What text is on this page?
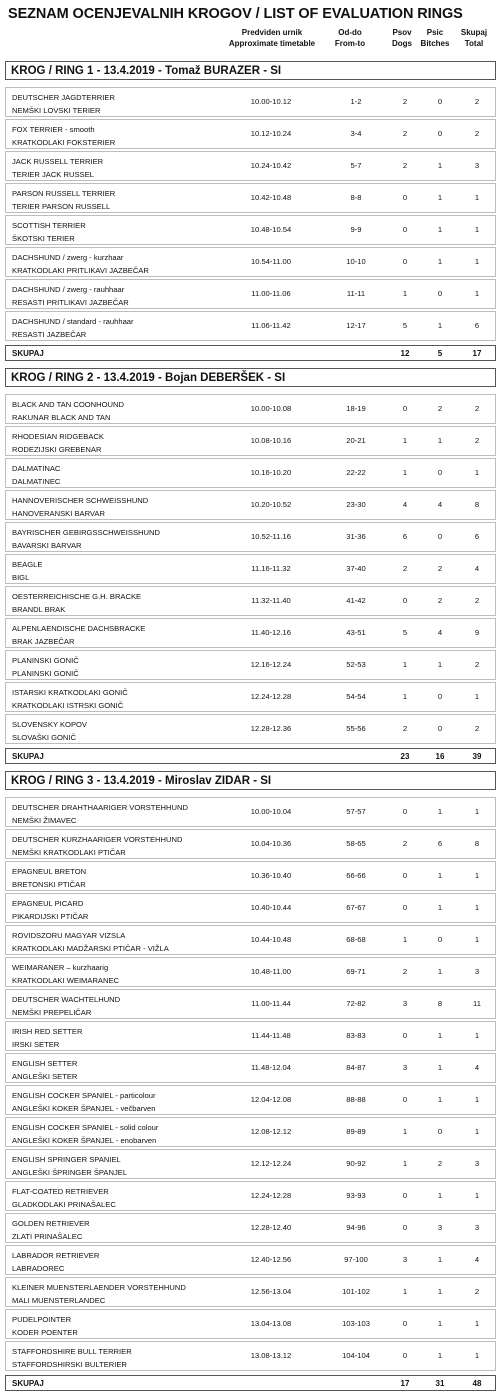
SEZNAM OCENJEVALNIH KROGOV / LIST OF EVALUATION RINGS
Predviden urnik
Approximate timetable
Od-do
From-to
Psov
Dogs
Psic
Bitches
Skupaj
Total
KROG / RING 1 - 13.4.2019 - Tomaž BURAZER - SI
DEUTSCHER JAGDTERRIER
NEMŠKI LOVSKI TERIER
10.00-10.12	1-2	2	0	2
FOX TERRIER - smooth
KRATKODLAKI FOKSTERIER
10.12-10.24	3-4	2	0	2
JACK RUSSELL TERRIER
TERIER JACK RUSSEL
10.24-10.42	5-7	2	1	3
PARSON RUSSELL TERRIER
TERIER PARSON RUSSELL
10.42-10.48	8-8	0	1	1
SCOTTISH TERRIER
ŠKOTSKI TERIER
10.48-10.54	9-9	0	1	1
DACHSHUND / zwerg - kurzhaar
KRATKODLAKI PRITLIKAVI JAZBEČAR
10.54-11.00	10-10	0	1	1
DACHSHUND / zwerg - rauhhaar
RESASTI PRITLIKAVI JAZBEČAR
11.00-11.06	11-11	1	0	1
DACHSHUND / standard - rauhhaar
RESASTI JAZBEČAR
11.06-11.42	12-17	5	1	6
SKUPAJ	12	5	17
KROG / RING 2 - 13.4.2019 - Bojan DEBERŠEK - SI
BLACK AND TAN COONHOUND
RAKUNAR BLACK AND TAN
10.00-10.08	18-19	0	2	2
RHODESIAN RIDGEBACK
RODEZIJSKI GREBENAR
10.08-10.16	20-21	1	1	2
DALMATINAC
DALMATINEC
10.16-10.20	22-22	1	0	1
HANNOVERISCHER SCHWEISSHUND
HANOVERANSKI BARVAR
10.20-10.52	23-30	4	4	8
BAYRISCHER GEBIRGSSCHWEISSHUND
BAVARSKI BARVAR
10.52-11.16	31-36	6	0	6
BEAGLE
BIGL
11.16-11.32	37-40	2	2	4
OESTERREICHISCHE G.H. BRACKE
BRANDL BRAK
11.32-11.40	41-42	0	2	2
ALPENLAENDISCHE DACHSBRACKE
BRAK JAZBEČAR
11.40-12.16	43-51	5	4	9
PLANINSKI GONIČ
PLANINSKI GONIČ
12.16-12.24	52-53	1	1	2
ISTARSKI KRATKODLAKI GONIČ
KRATKODLAKI ISTRSKI GONIČ
12.24-12.28	54-54	1	0	1
SLOVENSKY KOPOV
SLOVAŠKI GONIČ
12.28-12.36	55-56	2	0	2
SKUPAJ	23	16	39
KROG / RING 3 - 13.4.2019 - Miroslav ZIDAR - SI
DEUTSCHER DRAHTHAARIGER VORSTEHHUND
NEMŠKI ŽIMAVEC
10.00-10.04	57-57	0	1	1
DEUTSCHER KURZHAARIGER VORSTEHHUND
NEMŠKI KRATKODLAKI PTIČAR
10.04-10.36	58-65	2	6	8
EPAGNEUL BRETON
BRETONSKI PTIČAR
10.36-10.40	66-66	0	1	1
EPAGNEUL PICARD
PIKARDIJSKI PTIČAR
10.40-10.44	67-67	0	1	1
ROVIDSZORU MAGYAR VIZSLA
KRATKODLAKI MADŽARSKI PTIČAR - VIŽLA
10.44-10.48	68-68	1	0	1
WEIMARANER – kurzhaarig
KRATKODLAKI WEIMARANEC
10.48-11.00	69-71	2	1	3
DEUTSCHER WACHTELHUND
NEMŠKI PREPELIČAR
11.00-11.44	72-82	3	8	11
IRISH RED SETTER
IRSKI SETER
11.44-11.48	83-83	0	1	1
ENGLISH SETTER
ANGLEŠKI SETER
11.48-12.04	84-87	3	1	4
ENGLISH COCKER SPANIEL - particolour
ANGLEŠKI KOKER ŠPANJEL - večbarven
12.04-12.08	88-88	0	1	1
ENGLISH COCKER SPANIEL - solid colour
ANGLEŠKI KOKER ŠPANJEL - enobarven
12.08-12.12	89-89	1	0	1
ENGLISH SPRINGER SPANIEL
ANGLEŠKI ŠPRINGER ŠPANJEL
12.12-12.24	90-92	1	2	3
FLAT-COATED RETRIEVER
GLADKODLAKI PRINAŠALEC
12.24-12.28	93-93	0	1	1
GOLDEN RETRIEVER
ZLATI PRINAŠALEC
12.28-12.40	94-96	0	3	3
LABRADOR RETRIEVER
LABRADOREC
12.40-12.56	97-100	3	1	4
KLEINER MUENSTERLAENDER VORSTEHHUND
MALI MUENSTERLANDEC
12.56-13.04	101-102	1	1	2
PUDELPOINTER
KODER POENTER
13.04-13.08	103-103	0	1	1
STAFFORDSHIRE BULL TERRIER
STAFFORDSHIRSKI BULTERIER
13.08-13.12	104-104	0	1	1
SKUPAJ	17	31	48
